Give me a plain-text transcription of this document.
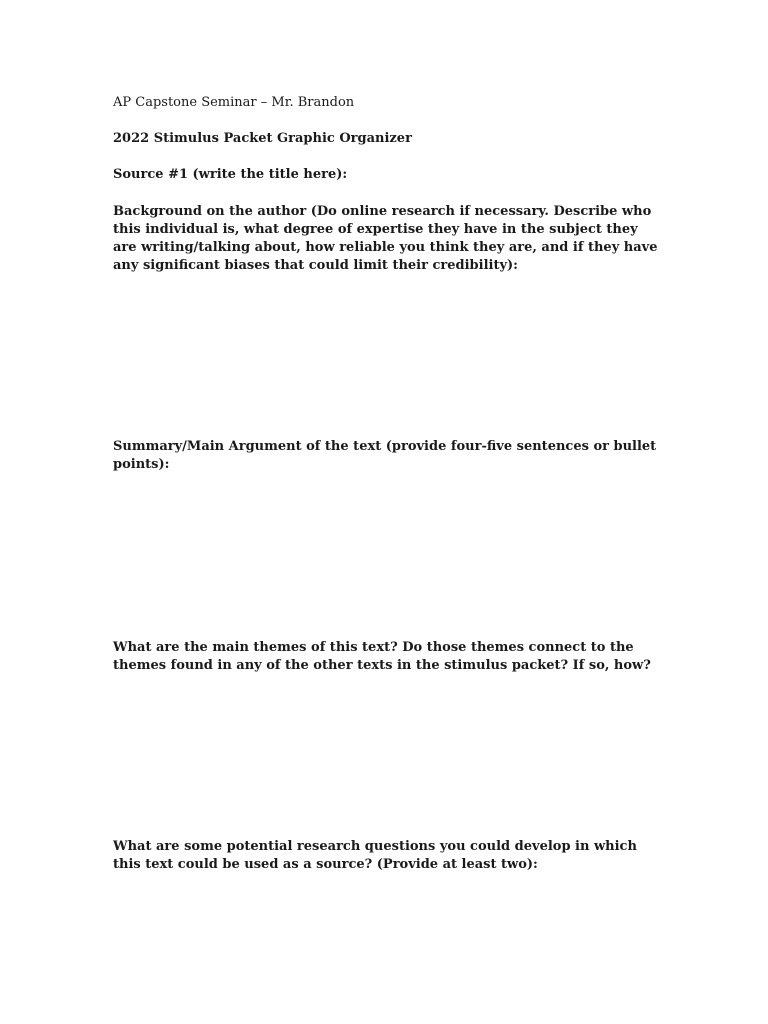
AP Capstone Seminar – Mr. Brandon

2022 Stimulus Packet Graphic Organizer

Source #1 (write the title here):

Background on the author (Do online research if necessary. Describe who this individual is, what degree of expertise they have in the subject they are writing/talking about, how reliable you think they are, and if they have any significant biases that could limit their credibility):

Summary/Main Argument of the text (provide four-five sentences or bullet points):

What are the main themes of this text? Do those themes connect to the themes found in any of the other texts in the stimulus packet? If so, how?

What are some potential research questions you could develop in which this text could be used as a source? (Provide at least two):
